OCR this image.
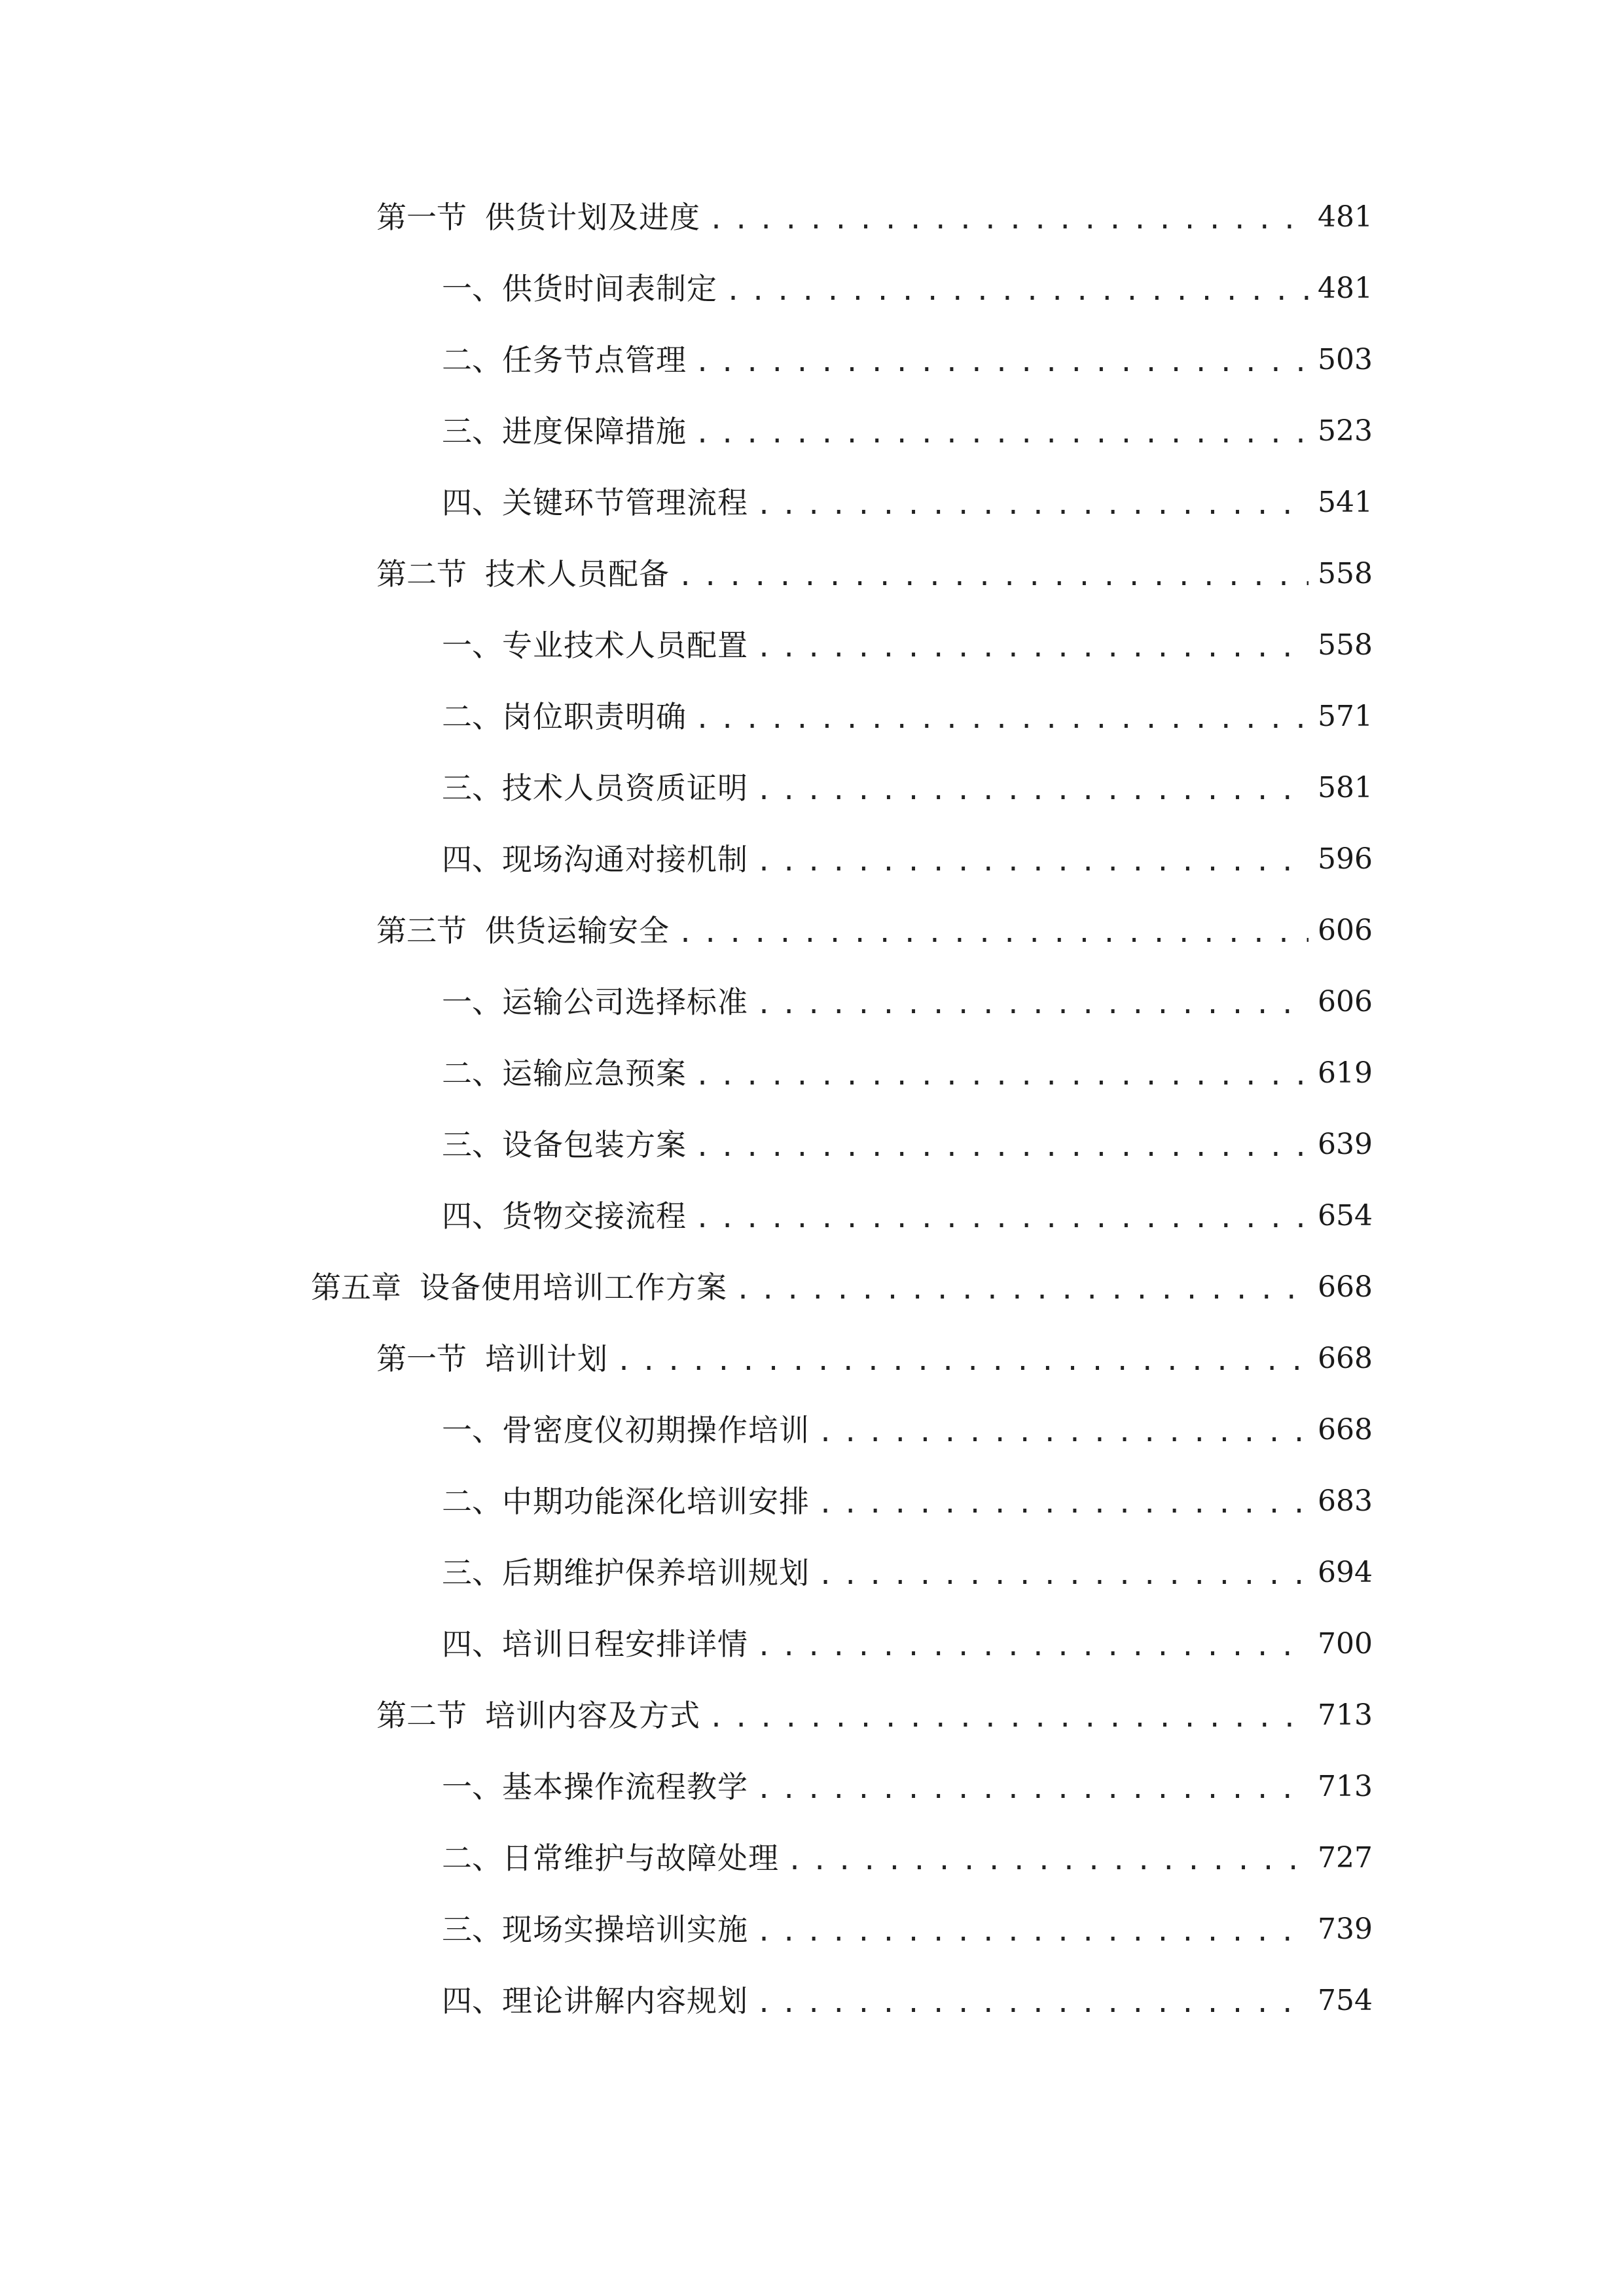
第一节 供货计划及进度 .....	481
一、 供货时间表制定 .....	481
二、 任务节点管理 .....	503
三、 进度保障措施 .....	523
四、 关键环节管理流程 .....	541
第二节 技术人员配备 .....	558
一、 专业技术人员配置 .....	558
二、 岗位职责明确 .....	571
三、 技术人员资质证明 .....	581
四、 现场沟通对接机制 .....	596
第三节 供货运输安全 .....	606
一、 运输公司选择标准 .....	606
二、 运输应急预案 .....	619
三、 设备包装方案 .....	639
四、 货物交接流程 .....	654
第五章 设备使用培训工作方案 .....	668
第一节 培训计划 .....	668
一、 骨密度仪初期操作培训 .....	668
二、 中期功能深化培训安排 .....	683
三、 后期维护保养培训规划 .....	694
四、 培训日程安排详情 .....	700
第二节 培训内容及方式 .....	713
一、 基本操作流程教学 .....	713
二、 日常维护与故障处理 .....	727
三、 现场实操培训实施 .....	739
四、 理论讲解内容规划 .....	754
